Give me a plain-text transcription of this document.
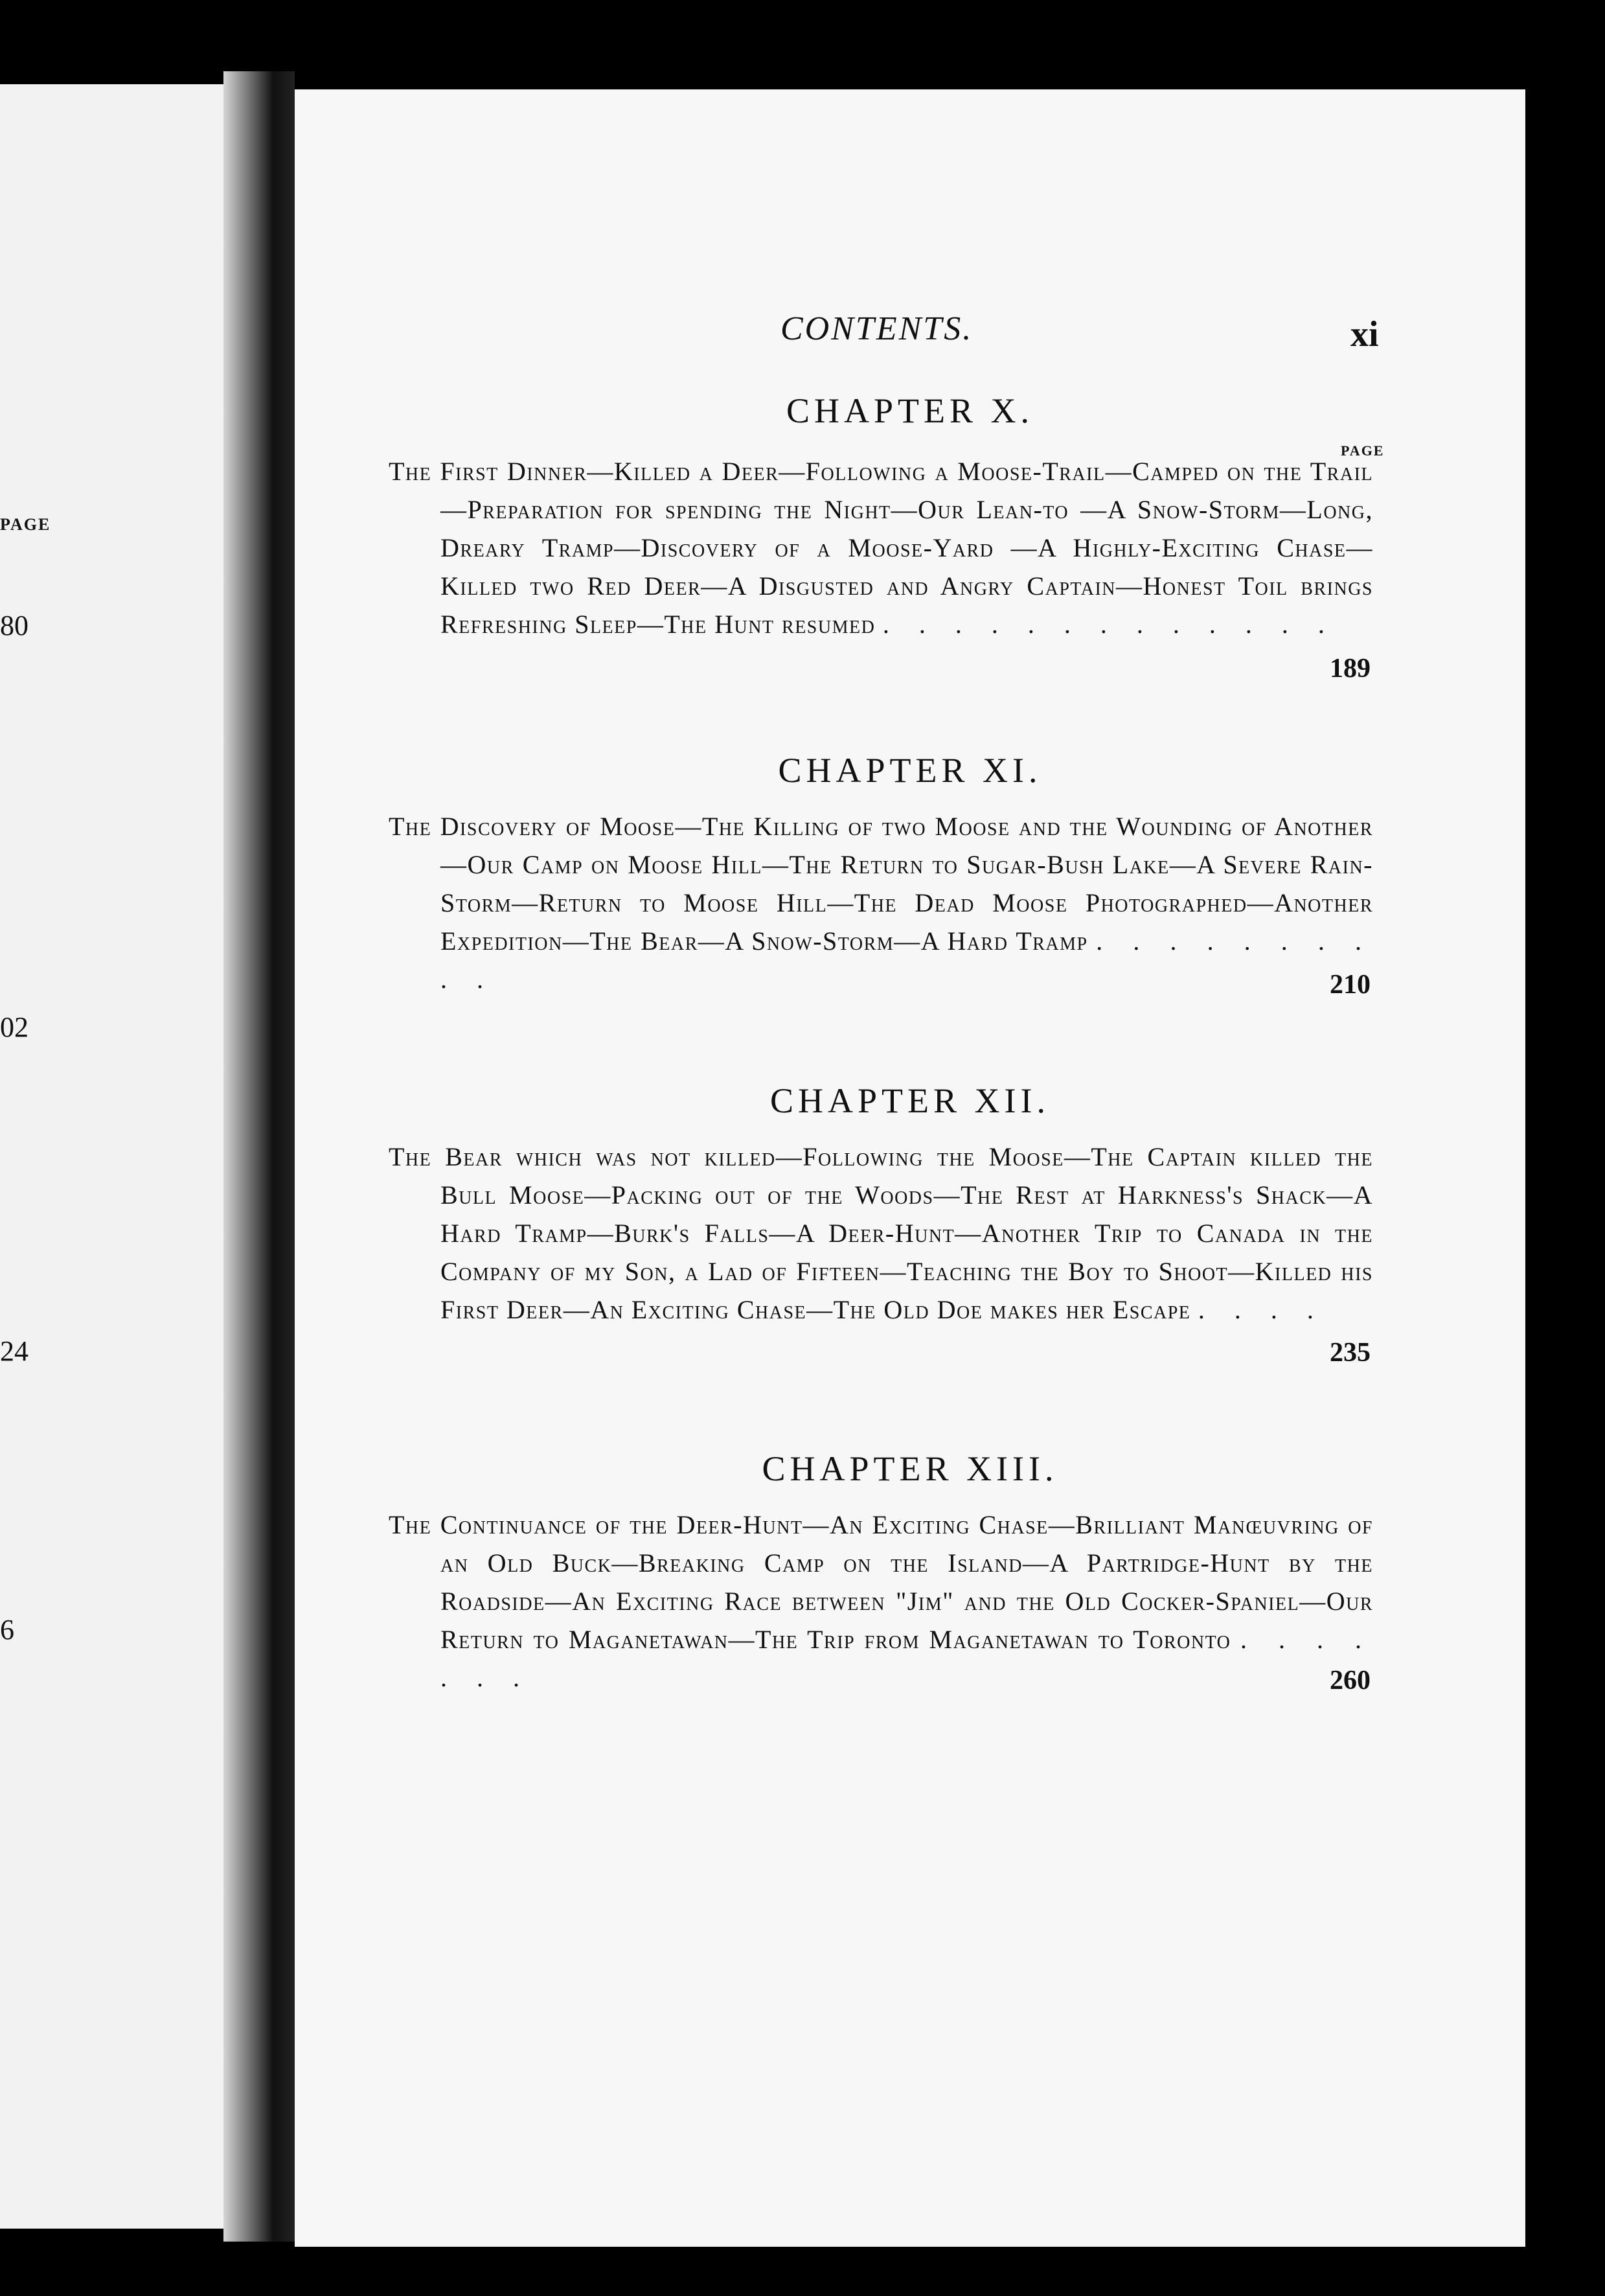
PAGE
80
02
24
6
CONTENTS.	xi
CHAPTER X.
PAGE
The First Dinner—Killed a Deer—Following a Moose-Trail—Camped on the Trail—Preparation for spending the Night—Our Lean-to —A Snow-Storm—Long, Dreary Tramp—Discovery of a Moose-Yard —A Highly-Exciting Chase—Killed two Red Deer—A Disgusted and Angry Captain—Honest Toil brings Refreshing Sleep—The Hunt resumed . . . . . . . . . . . . .
189
CHAPTER XI.
The Discovery of Moose—The Killing of two Moose and the Wounding of Another—Our Camp on Moose Hill—The Return to Sugar-Bush Lake—A Severe Rain-Storm—Return to Moose Hill—The Dead Moose Photographed—Another Expedition—The Bear—A Snow-Storm—A Hard Tramp . . . . . . . . . .	210
CHAPTER XII.
The Bear which was not killed—Following the Moose—The Captain killed the Bull Moose—Packing out of the Woods—The Rest at Harkness's Shack—A Hard Tramp—Burk's Falls—A Deer-Hunt—Another Trip to Canada in the Company of my Son, a Lad of Fifteen—Teaching the Boy to Shoot—Killed his First Deer—An Exciting Chase—The Old Doe makes her Escape . . . .
235
CHAPTER XIII.
The Continuance of the Deer-Hunt—An Exciting Chase—Brilliant Manœuvring of an Old Buck—Breaking Camp on the Island—A Partridge-Hunt by the Roadside—An Exciting Race between "Jim" and the Old Cocker-Spaniel—Our Return to Maganetawan—The Trip from Maganetawan to Toronto . . . . . . .	260
